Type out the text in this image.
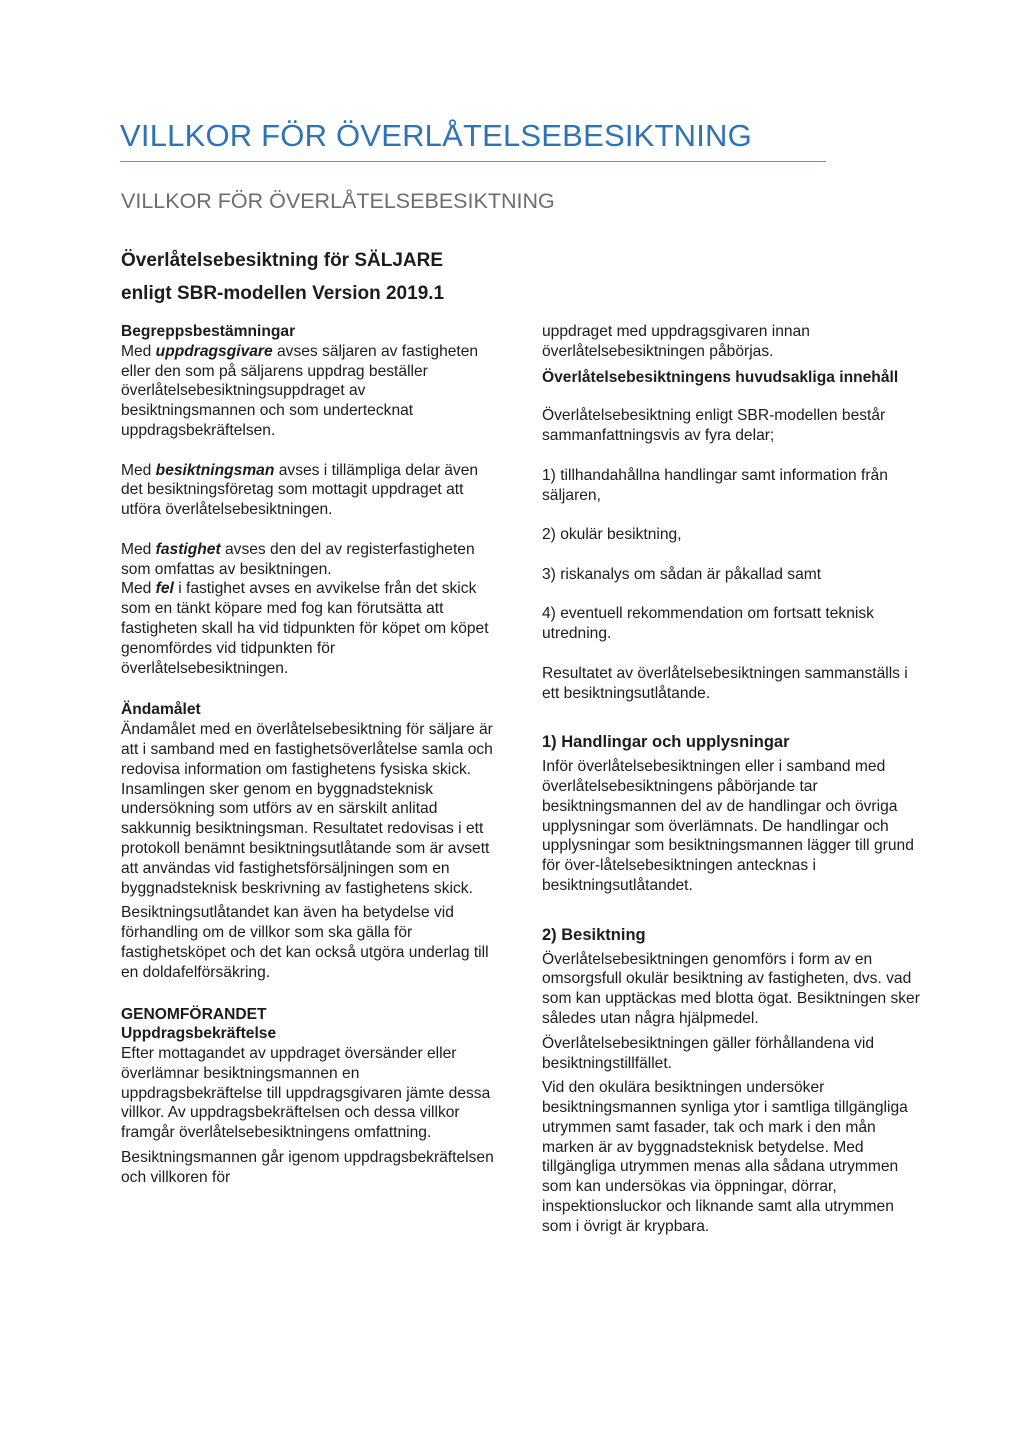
VILLKOR FÖR ÖVERLÅTELSEBESIKTNING
VILLKOR FÖR ÖVERLÅTELSEBESIKTNING
Överlåtelsebesiktning för SÄLJARE
enligt SBR-modellen Version 2019.1
Begreppsbestämningar

Med uppdragsgivare avses säljaren av fastigheten eller den som på säljarens uppdrag beställer överlåtelsebesiktningsuppdraget av besiktningsmannen och som undertecknat uppdragsbekräftelsen.

Med besiktningsman avses i tillämpliga delar även det besiktningsföretag som mottagit uppdraget att utföra överlåtelsebesiktningen.

Med fastighet avses den del av registerfastigheten som omfattas av besiktningen.

Med fel i fastighet avses en avvikelse från det skick som en tänkt köpare med fog kan förutsätta att fastigheten skall ha vid tidpunkten för köpet om köpet genomfördes vid tidpunkten för överlåtelsebesiktningen.

Ändamålet

Ändamålet med en överlåtelsebesiktning för säljare är att i samband med en fastighetsöverlåtelse samla och redovisa information om fastighetens fysiska skick. Insamlingen sker genom en byggnadsteknisk undersökning som utförs av en särskilt anlitad sakkunnig besiktningsman. Resultatet redovisas i ett protokoll benämnt besiktningsutlåtande som är avsett att användas vid fastighetsförsäljningen som en byggnadsteknisk beskrivning av fastighetens skick.

Besiktningsutlåtandet kan även ha betydelse vid förhandling om de villkor som ska gälla för fastighetsköpet och det kan också utgöra underlag till en doldafelförsäkring.

GENOMFÖRANDET
Uppdragsbekräftelse

Efter mottagandet av uppdraget översänder eller överlämnar besiktningsmannen en uppdragsbekräftelse till uppdragsgivaren jämte dessa villkor. Av uppdragsbekräftelsen och dessa villkor framgår överlåtelsebesiktningens omfattning.

Besiktningsmannen går igenom uppdragsbekräftelsen och villkoren för

uppdraget med uppdragsgivaren innan överlåtelsebesiktningen påbörjas.

Överlåtelsebesiktningens huvudsakliga innehåll

Överlåtelsebesiktning enligt SBR-modellen består sammanfattningsvis av fyra delar;

1) tillhandahållna handlingar samt information från säljaren,

2) okulär besiktning,

3) riskanalys om sådan är påkallad samt

4) eventuell rekommendation om fortsatt teknisk utredning.

Resultatet av överlåtelsebesiktningen sammanställs i ett besiktningsutlåtande.

1) Handlingar och upplysningar

Inför överlåtelsebesiktningen eller i samband med överlåtelsebesiktningens påbörjande tar besiktningsmannen del av de handlingar och övriga upplysningar som överlämnats. De handlingar och upplysningar som besiktningsmannen lägger till grund för över-låtelsebesiktningen antecknas i besiktningsutlåtandet.

2) Besiktning

Överlåtelsebesiktningen genomförs i form av en omsorgsfull okulär besiktning av fastigheten, dvs. vad som kan upptäckas med blotta ögat. Besiktningen sker således utan några hjälpmedel.

Överlåtelsebesiktningen gäller förhållandena vid besiktningstillfället.

Vid den okulära besiktningen undersöker besiktningsmannen synliga ytor i samtliga tillgängliga utrymmen samt fasader, tak och mark i den mån marken är av byggnadsteknisk betydelse. Med tillgängliga utrymmen menas alla sådana utrymmen som kan undersökas via öppningar, dörrar, inspektionsluckor och liknande samt alla utrymmen som i övrigt är krypbara.
